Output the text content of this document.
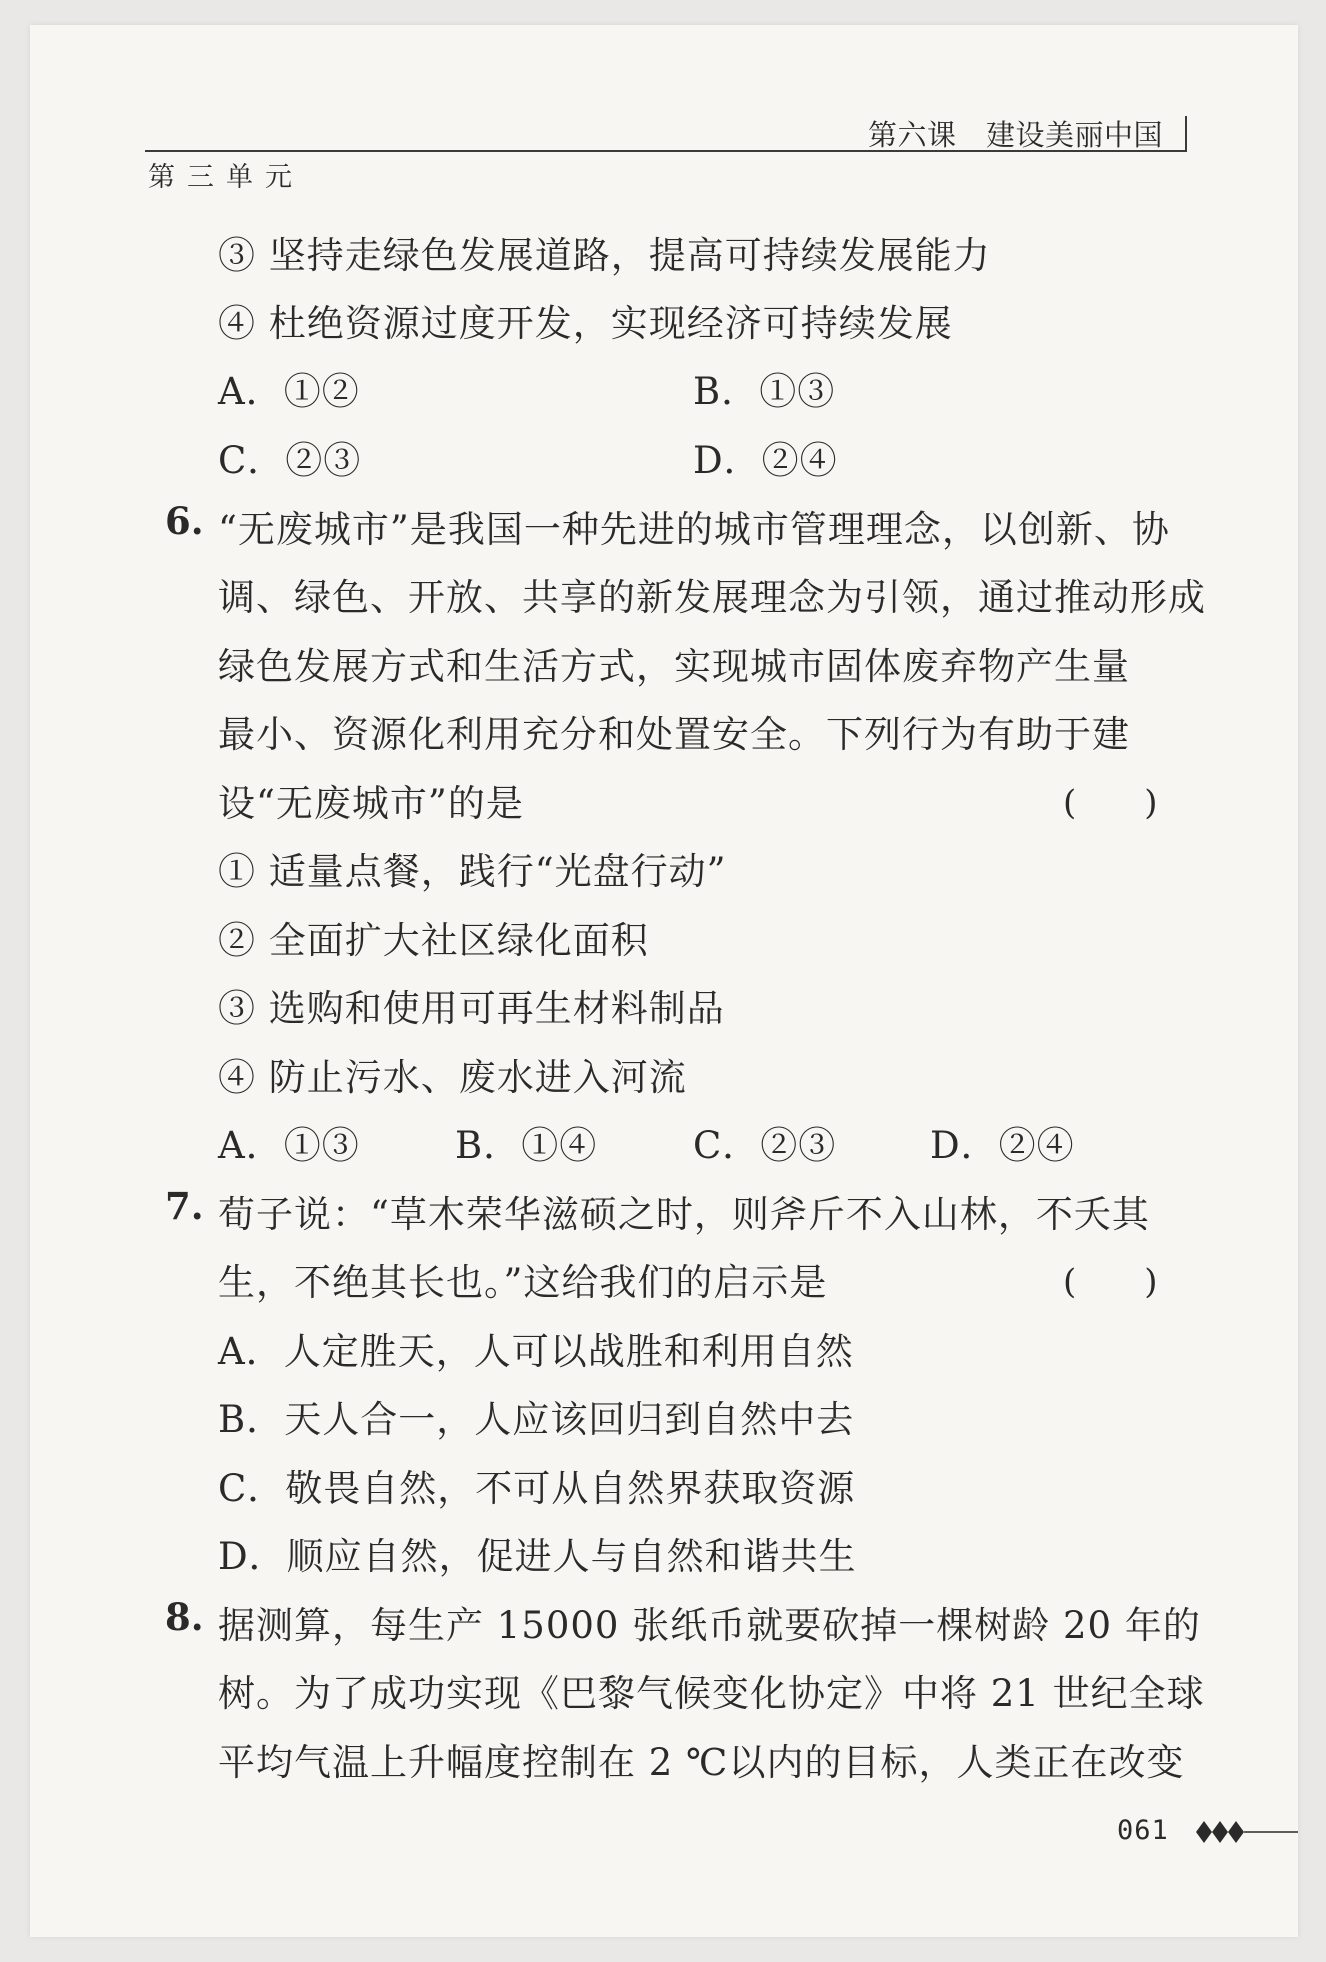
第六课　建设美丽中国
第三单元
③ 坚持走绿色发展道路，提高可持续发展能力
④ 杜绝资源过度开发，实现经济可持续发展
A．①②	B．①③
C．②③	D．②④
6. “无废城市”是我国一种先进的城市管理理念，以创新、协
调、绿色、开放、共享的新发展理念为引领，通过推动形成
绿色发展方式和生活方式，实现城市固体废弃物产生量
最小、资源化利用充分和处置安全。下列行为有助于建
设“无废城市”的是	(　　)
① 适量点餐，践行“光盘行动”
② 全面扩大社区绿化面积
③ 选购和使用可再生材料制品
④ 防止污水、废水进入河流
A．①③	B．①④	C．②③	D．②④
7. 荀子说：“草木荣华滋硕之时，则斧斤不入山林，不夭其
生，不绝其长也。”这给我们的启示是	(　　)
A．人定胜天，人可以战胜和利用自然
B．天人合一，人应该回归到自然中去
C．敬畏自然，不可从自然界获取资源
D．顺应自然，促进人与自然和谐共生
8. 据测算，每生产 15000 张纸币就要砍掉一棵树龄 20 年的
树。为了成功实现《巴黎气候变化协定》中将 21 世纪全球
平均气温上升幅度控制在 2 ℃以内的目标，人类正在改变
061
